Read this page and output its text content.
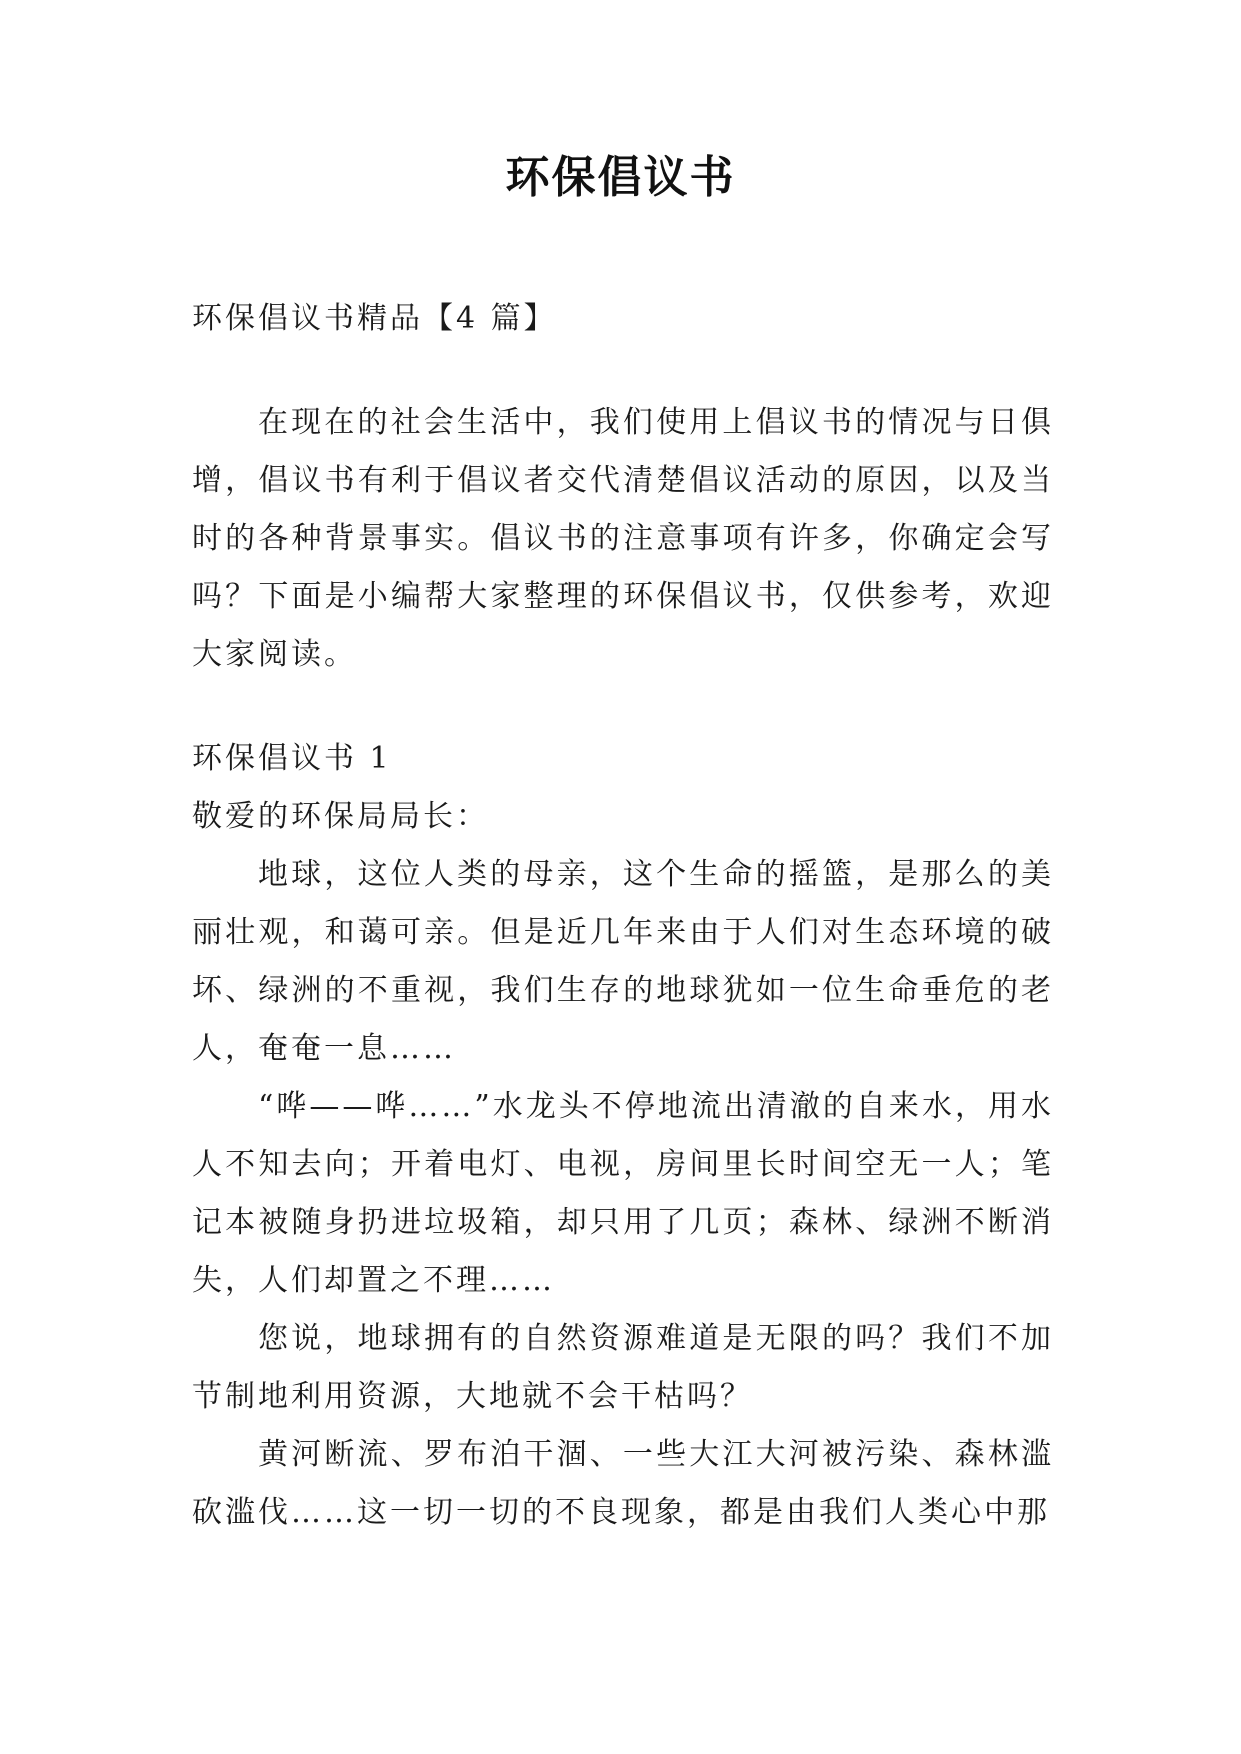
环保倡议书

环保倡议书精品【4 篇】

在现在的社会生活中，我们使用上倡议书的情况与日俱增，倡议书有利于倡议者交代清楚倡议活动的原因，以及当时的各种背景事实。倡议书的注意事项有许多，你确定会写吗？下面是小编帮大家整理的环保倡议书，仅供参考，欢迎大家阅读。

环保倡议书 1

敬爱的环保局局长：

地球，这位人类的母亲，这个生命的摇篮，是那么的美丽壮观，和蔼可亲。但是近几年来由于人们对生态环境的破坏、绿洲的不重视，我们生存的地球犹如一位生命垂危的老人，奄奄一息……

“哗——哗……”水龙头不停地流出清澈的自来水，用水人不知去向；开着电灯、电视，房间里长时间空无一人；笔记本被随身扔进垃圾箱，却只用了几页；森林、绿洲不断消失，人们却置之不理……

您说，地球拥有的自然资源难道是无限的吗？我们不加节制地利用资源，大地就不会干枯吗？

黄河断流、罗布泊干涸、一些大江大河被污染、森林滥砍滥伐……这一切一切的不良现象，都是由我们人类心中那
